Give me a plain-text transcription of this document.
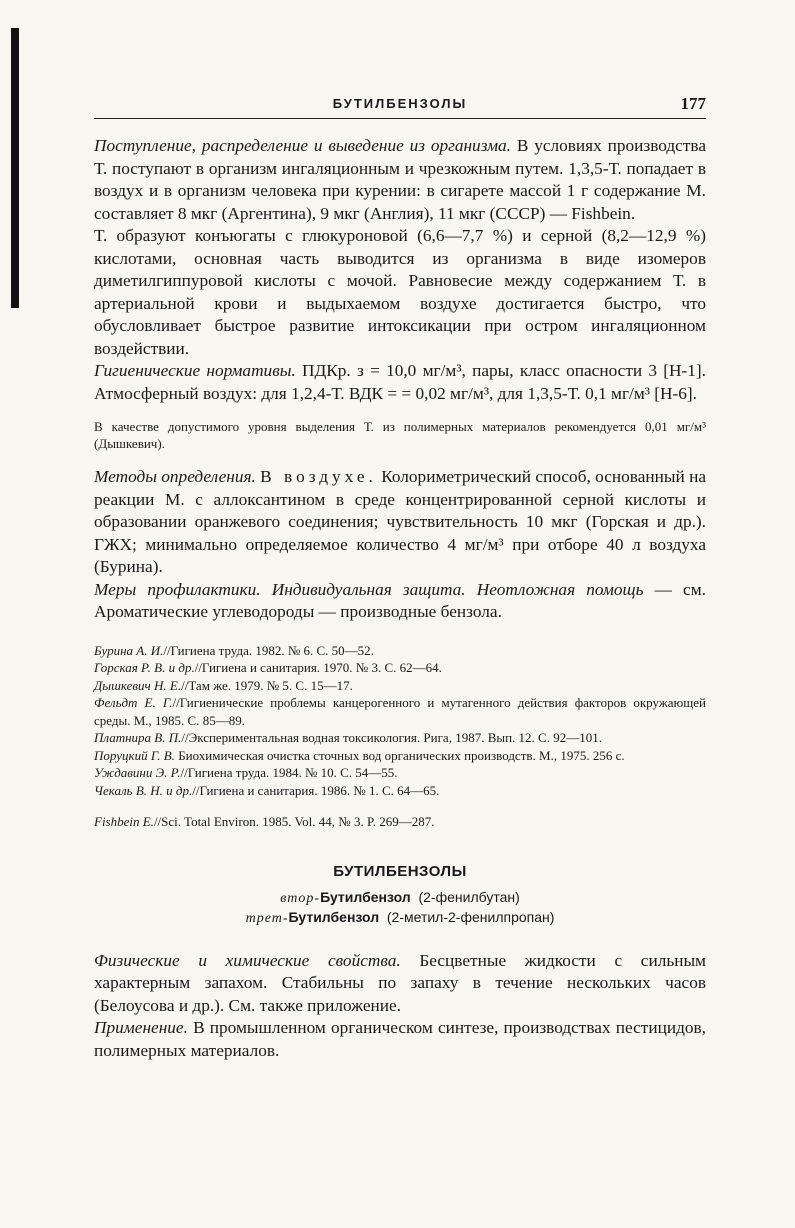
БУТИЛБЕНЗОЛЫ	177

Поступление, распределение и выведение из организма. В условиях производства Т. поступают в организм ингаляционным и чрезкожным путем. 1,3,5-Т. попадает в воздух и в организм человека при курении: в сигарете массой 1 г содержание М. составляет 8 мкг (Аргентина), 9 мкг (Англия), 11 мкг (СССР) — Fishbein.

Т. образуют конъюгаты с глюкуроновой (6,6—7,7 %) и серной (8,2—12,9 %) кислотами, основная часть выводится из организма в виде изомеров диметилгиппуровой кислоты с мочой. Равновесие между содержанием Т. в артериальной крови и выдыхаемом воздухе достигается быстро, что обусловливает быстрое развитие интоксикации при остром ингаляционном воздействии.

Гигиенические нормативы. ПДКр. з = 10,0 мг/м³, пары, класс опасности 3 [Н-1]. Атмосферный воздух: для 1,2,4-Т. ВДК = = 0,02 мг/м³, для 1,3,5-Т. 0,1 мг/м³ [Н-6].

В качестве допустимого уровня выделения Т. из полимерных материалов рекомендуется 0,01 мг/м³ (Дышкевич).

Методы определения. В воздухе. Колориметрический способ, основанный на реакции М. с аллоксантином в среде концентрированной серной кислоты и образовании оранжевого соединения; чувствительность 10 мкг (Горская и др.). ГЖХ; минимально определяемое количество 4 мг/м³ при отборе 40 л воздуха (Бурина).

Меры профилактики. Индивидуальная защита. Неотложная помощь — см. Ароматические углеводороды — производные бензола.

Бурина А. И.//Гигиена труда. 1982. № 6. С. 50—52.

Горская Р. В. и др.//Гигиена и санитария. 1970. № 3. С. 62—64.

Дышкевич Н. Е.//Там же. 1979. № 5. С. 15—17.

Фельдт Е. Г.//Гигиенические проблемы канцерогенного и мутагенного действия факторов окружающей среды. М., 1985. С. 85—89.

Платнира В. П.//Экспериментальная водная токсикология. Рига, 1987. Вып. 12. С. 92—101.

Поруцкий Г. В. Биохимическая очистка сточных вод органических производств. М., 1975. 256 с.

Уждавини Э. Р.//Гигиена труда. 1984. № 10. С. 54—55.

Чекаль В. Н. и др.//Гигиена и санитария. 1986. № 1. С. 64—65.

Fishbein E.//Sci. Total Environ. 1985. Vol. 44, № 3. P. 269—287.

БУТИЛБЕНЗОЛЫ

втор-Бутилбензол (2-фенилбутан)

трет-Бутилбензол (2-метил-2-фенилпропан)

Физические и химические свойства. Бесцветные жидкости с сильным характерным запахом. Стабильны по запаху в течение нескольких часов (Белоусова и др.). См. также приложение.

Применение. В промышленном органическом синтезе, производствах пестицидов, полимерных материалов.
